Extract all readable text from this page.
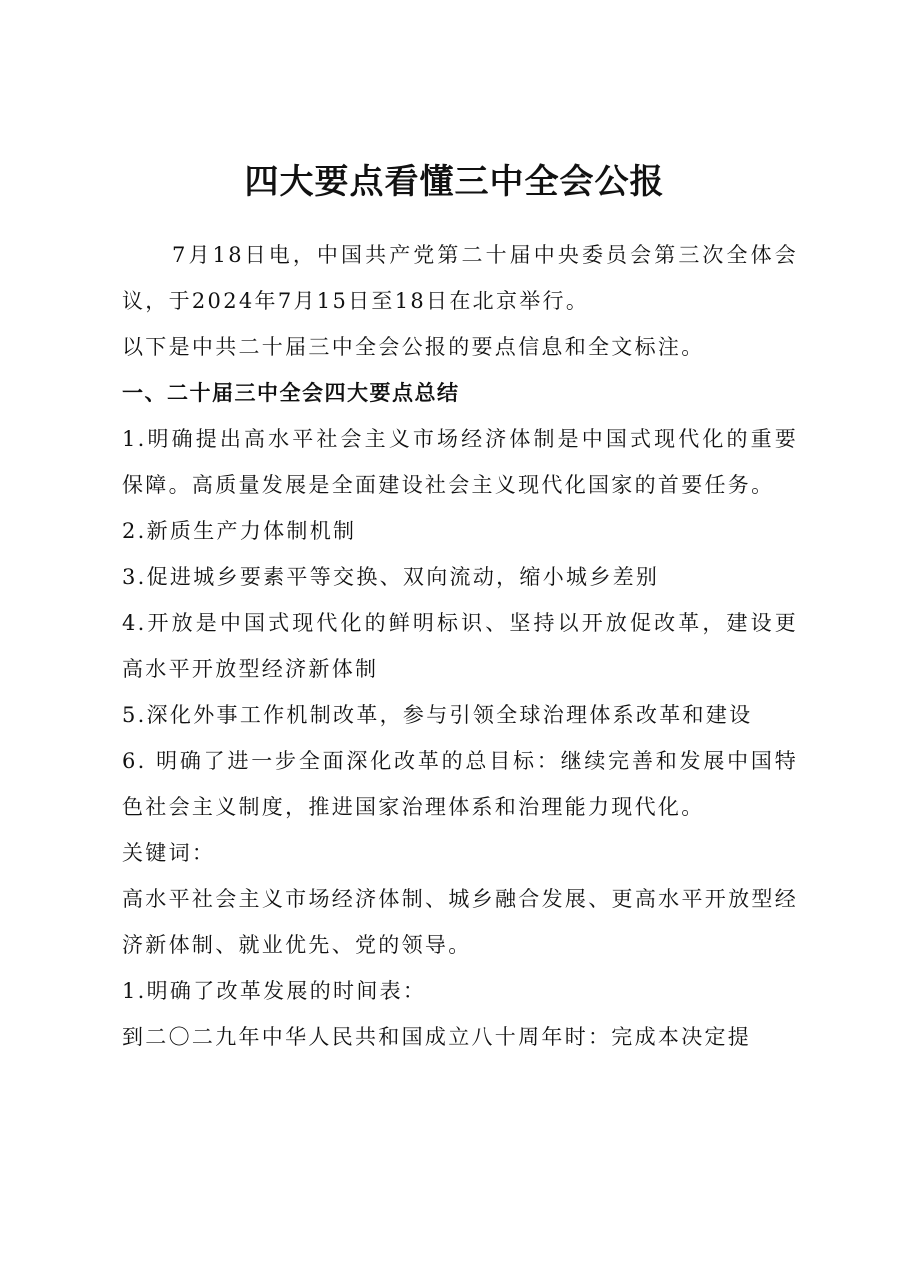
四大要点看懂三中全会公报

7月18日电，中国共产党第二十届中央委员会第三次全体会议，于2024年7月15日至18日在北京举行。

以下是中共二十届三中全会公报的要点信息和全文标注。

一、二十届三中全会四大要点总结

1.明确提出高水平社会主义市场经济体制是中国式现代化的重要保障。高质量发展是全面建设社会主义现代化国家的首要任务。

2.新质生产力体制机制

3.促进城乡要素平等交换、双向流动，缩小城乡差别

4.开放是中国式现代化的鲜明标识、坚持以开放促改革，建设更高水平开放型经济新体制

5.深化外事工作机制改革，参与引领全球治理体系改革和建设

6. 明确了进一步全面深化改革的总目标：继续完善和发展中国特色社会主义制度，推进国家治理体系和治理能力现代化。

关键词：

高水平社会主义市场经济体制、城乡融合发展、更高水平开放型经济新体制、就业优先、党的领导。

1.明确了改革发展的时间表：

到二〇二九年中华人民共和国成立八十周年时：完成本决定提
